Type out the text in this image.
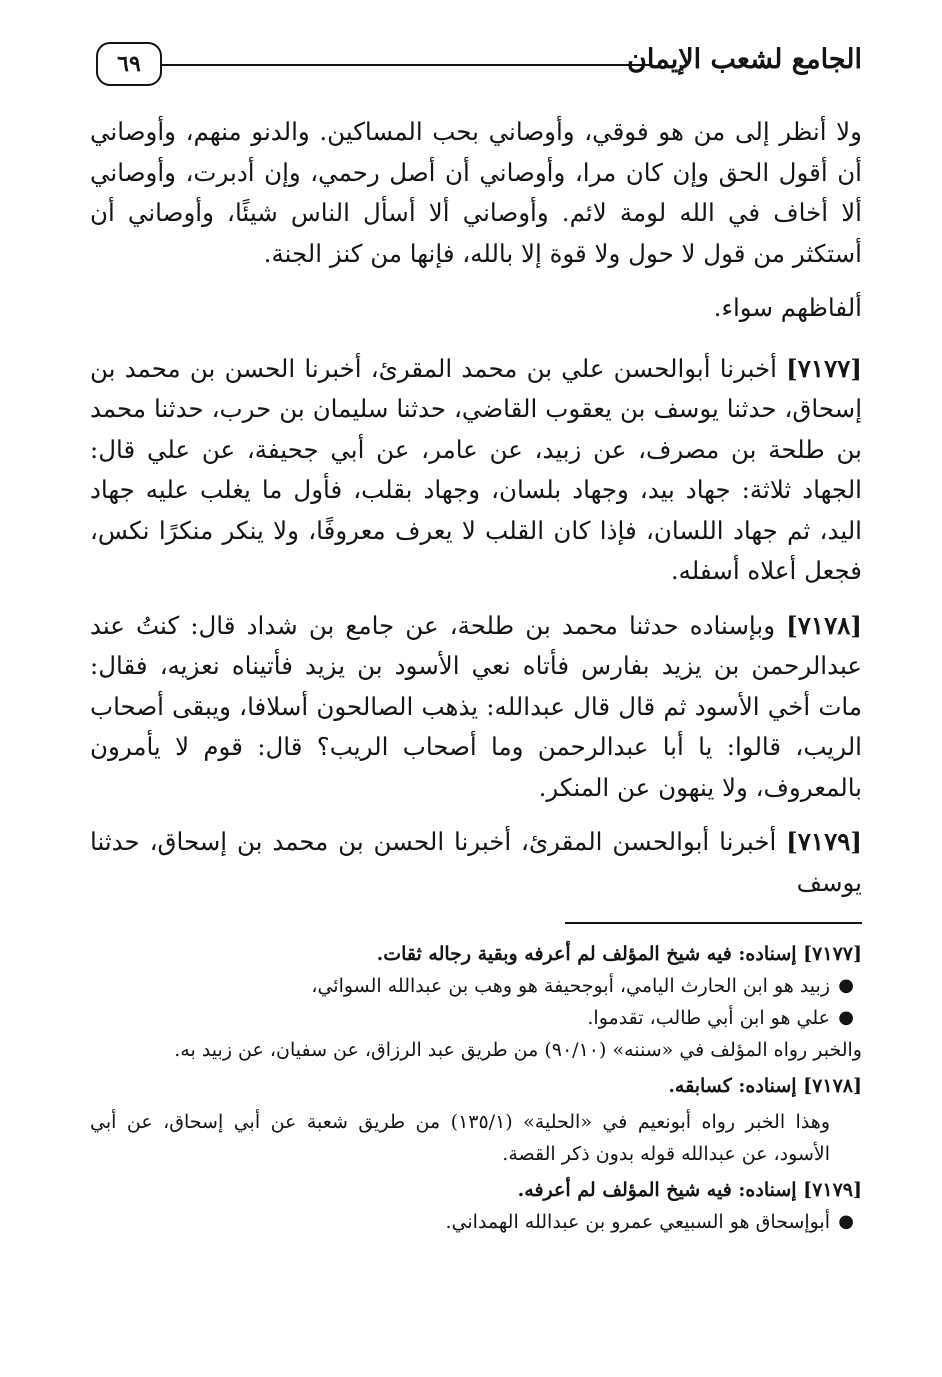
الجامع لشعب الإيمان
٦٩

ولا أنظر إلى من هو فوقي، وأوصاني بحب المساكين. والدنو منهم، وأوصاني أن أقول الحق وإن كان مرا، وأوصاني أن أصل رحمي، وإن أدبرت، وأوصاني ألا أخاف في الله لومة لائم. وأوصاني ألا أسأل الناس شيئًا، وأوصاني أن أستكثر من قول لا حول ولا قوة إلا بالله، فإنها من كنز الجنة.

ألفاظهم سواء.

[٧١٧٧] أخبرنا أبوالحسن علي بن محمد المقرئ، أخبرنا الحسن بن محمد بن إسحاق، حدثنا يوسف بن يعقوب القاضي، حدثنا سليمان بن حرب، حدثنا محمد بن طلحة بن مصرف، عن زبيد، عن عامر، عن أبي جحيفة، عن علي قال: الجهاد ثلاثة: جهاد بيد، وجهاد بلسان، وجهاد بقلب، فأول ما يغلب عليه جهاد اليد، ثم جهاد اللسان، فإذا كان القلب لا يعرف معروفًا، ولا ينكر منكرًا نكس، فجعل أعلاه أسفله.

[٧١٧٨] وبإسناده حدثنا محمد بن طلحة، عن جامع بن شداد قال: كنتُ عند عبدالرحمن بن يزيد بفارس فأتاه نعي الأسود بن يزيد فأتيناه نعزيه، فقال: مات أخي الأسود ثم قال قال عبدالله: يذهب الصالحون أسلافا، ويبقى أصحاب الريب، قالوا: يا أبا عبدالرحمن وما أصحاب الريب؟ قال: قوم لا يأمرون بالمعروف، ولا ينهون عن المنكر.

[٧١٧٩] أخبرنا أبوالحسن المقرئ، أخبرنا الحسن بن محمد بن إسحاق، حدثنا يوسف

[٧١٧٧] إسناده: فيه شيخ المؤلف لم أعرفه وبقية رجاله ثقات.

●
زبيد هو ابن الحارث اليامي، أبوجحيفة هو وهب بن عبدالله السوائي،

●
علي هو ابن أبي طالب، تقدموا.

والخبر رواه المؤلف في «سننه» (٩٠/١٠) من طريق عبد الرزاق، عن سفيان، عن زبيد به.

[٧١٧٨] إسناده: كسابقه.

وهذا الخبر رواه أبونعيم في «الحلية» (١٣٥/١) من طريق شعبة عن أبي إسحاق، عن أبي الأسود، عن عبدالله قوله بدون ذكر القصة.

[٧١٧٩] إسناده: فيه شيخ المؤلف لم أعرفه.

●
أبوإسحاق هو السبيعي عمرو بن عبدالله الهمداني.
